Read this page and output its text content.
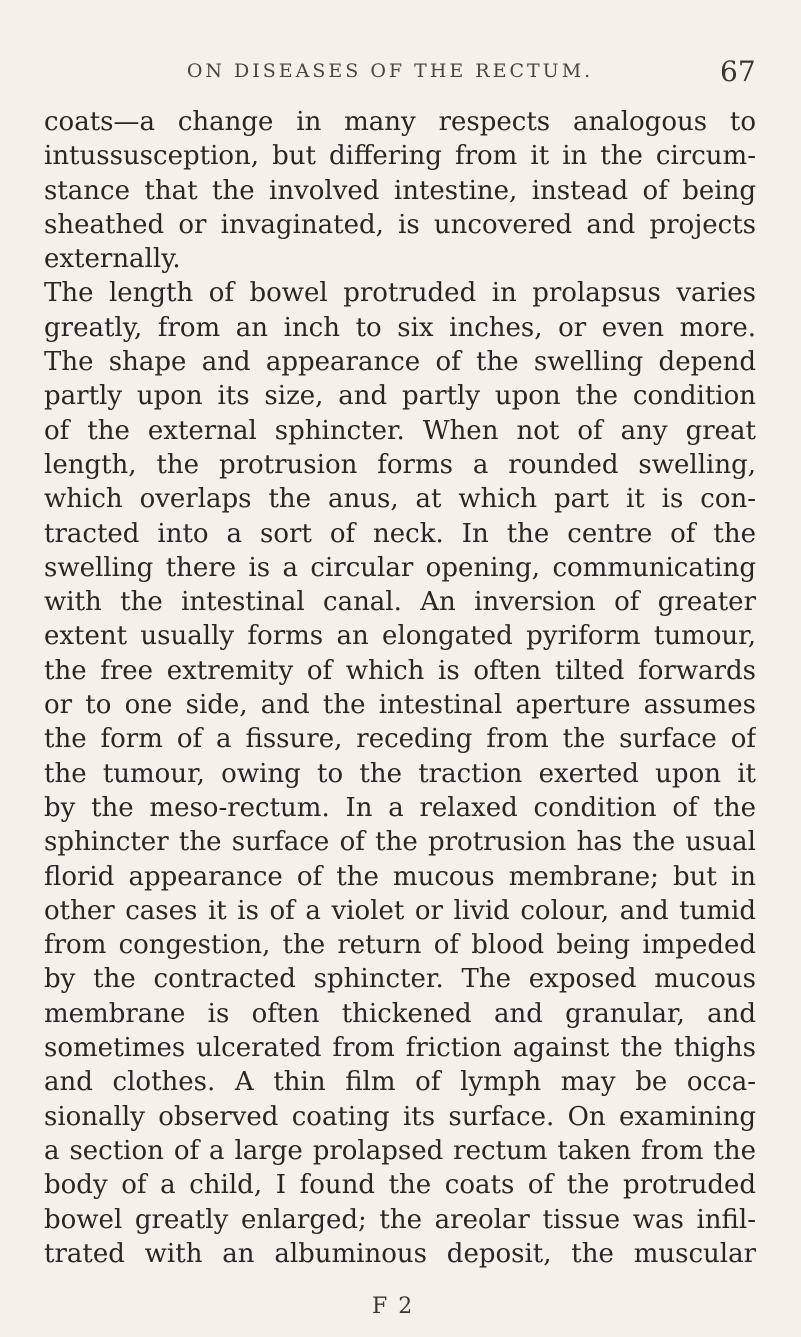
ON DISEASES OF THE RECTUM.	67
coats—a change in many respects analogous to
intussusception, but differing from it in the circum-
stance that the involved intestine, instead of being
sheathed or invaginated, is uncovered and projects
externally.
The length of bowel protruded in prolapsus varies
greatly, from an inch to six inches, or even more.
The shape and appearance of the swelling depend
partly upon its size, and partly upon the condition
of the external sphincter. When not of any great
length, the protrusion forms a rounded swelling,
which overlaps the anus, at which part it is con-
tracted into a sort of neck. In the centre of the
swelling there is a circular opening, communicating
with the intestinal canal. An inversion of greater
extent usually forms an elongated pyriform tumour,
the free extremity of which is often tilted forwards
or to one side, and the intestinal aperture assumes
the form of a fissure, receding from the surface of
the tumour, owing to the traction exerted upon it
by the meso-rectum. In a relaxed condition of the
sphincter the surface of the protrusion has the usual
florid appearance of the mucous membrane; but in
other cases it is of a violet or livid colour, and tumid
from congestion, the return of blood being impeded
by the contracted sphincter. The exposed mucous
membrane is often thickened and granular, and
sometimes ulcerated from friction against the thighs
and clothes. A thin film of lymph may be occa-
sionally observed coating its surface. On examining
a section of a large prolapsed rectum taken from the
body of a child, I found the coats of the protruded
bowel greatly enlarged; the areolar tissue was infil-
trated with an albuminous deposit, the muscular
F 2
